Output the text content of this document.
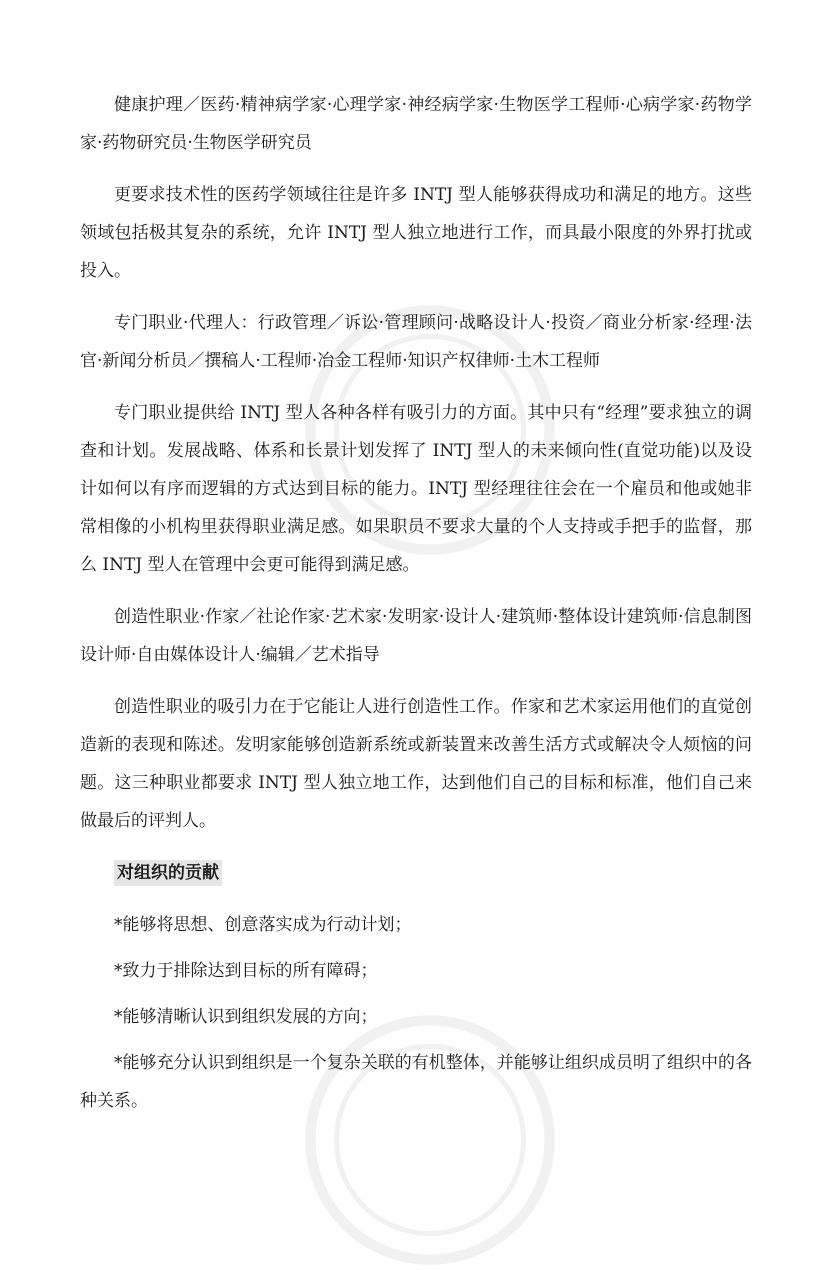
健康护理／医药·精神病学家·心理学家·神经病学家·生物医学工程师·心病学家·药物学家·药物研究员·生物医学研究员

更要求技术性的医药学领域往往是许多 INTJ 型人能够获得成功和满足的地方。这些领域包括极其复杂的系统，允许 INTJ 型人独立地进行工作，而具最小限度的外界打扰或投入。

专门职业·代理人：行政管理／诉讼·管理顾问·战略设计人·投资／商业分析家·经理·法官·新闻分析员／撰稿人·工程师·冶金工程师·知识产权律师·土木工程师

专门职业提供给 INTJ 型人各种各样有吸引力的方面。其中只有“经理”要求独立的调查和计划。发展战略、体系和长景计划发挥了 INTJ 型人的未来倾向性(直觉功能)以及设计如何以有序而逻辑的方式达到目标的能力。INTJ 型经理往往会在一个雇员和他或她非常相像的小机构里获得职业满足感。如果职员不要求大量的个人支持或手把手的监督，那么 INTJ 型人在管理中会更可能得到满足感。

创造性职业·作家／社论作家·艺术家·发明家·设计人·建筑师·整体设计建筑师·信息制图设计师·自由媒体设计人·编辑／艺术指导

创造性职业的吸引力在于它能让人进行创造性工作。作家和艺术家运用他们的直觉创造新的表现和陈述。发明家能够创造新系统或新装置来改善生活方式或解决令人烦恼的问题。这三种职业都要求 INTJ 型人独立地工作，达到他们自己的目标和标准，他们自己来做最后的评判人。

对组织的贡献

*能够将思想、创意落实成为行动计划；

*致力于排除达到目标的所有障碍；

*能够清晰认识到组织发展的方向；

*能够充分认识到组织是一个复杂关联的有机整体，并能够让组织成员明了组织中的各种关系。
